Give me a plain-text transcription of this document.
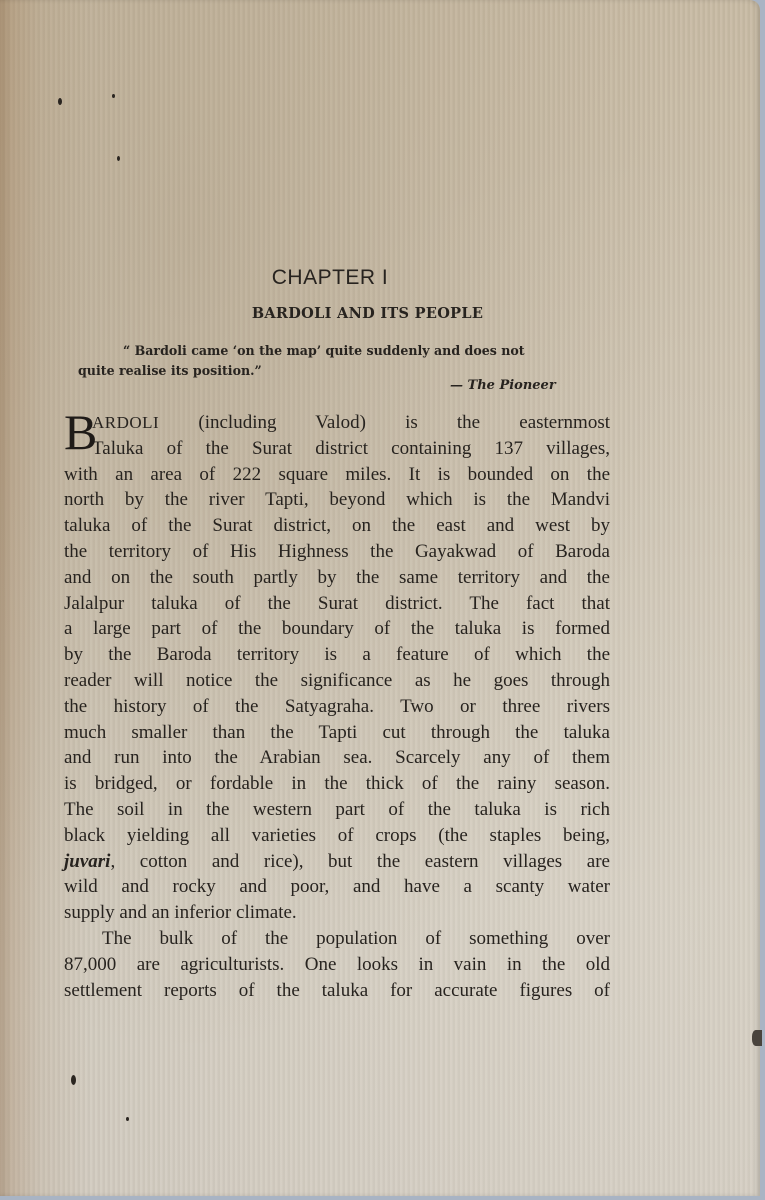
CHAPTER I
BARDOLI AND ITS PEOPLE
“ Bardoli came ‘on the map’ quite suddenly and does not
quite realise its position.”
— The Pioneer
B
ARDOLI (including Valod) is the easternmost
Taluka of the Surat district containing 137 villages,
with an area of 222 square miles. It is bounded on the
north by the river Tapti, beyond which is the Mandvi
taluka of the Surat district, on the east and west by
the territory of His Highness the Gayakwad of Baroda
and on the south partly by the same territory and the
Jalalpur taluka of the Surat district. The fact that
a large part of the boundary of the taluka is formed
by the Baroda territory is a feature of which the
reader will notice the significance as he goes through
the history of the Satyagraha. Two or three rivers
much smaller than the Tapti cut through the taluka
and run into the Arabian sea. Scarcely any of them
is bridged, or fordable in the thick of the rainy season.
The soil in the western part of the taluka is rich
black yielding all varieties of crops (the staples being,
juvari, cotton and rice), but the eastern villages are
wild and rocky and poor, and have a scanty water
supply and an inferior climate.
The bulk of the population of something over
87,000 are agriculturists. One looks in vain in the old
settlement reports of the taluka for accurate figures of
